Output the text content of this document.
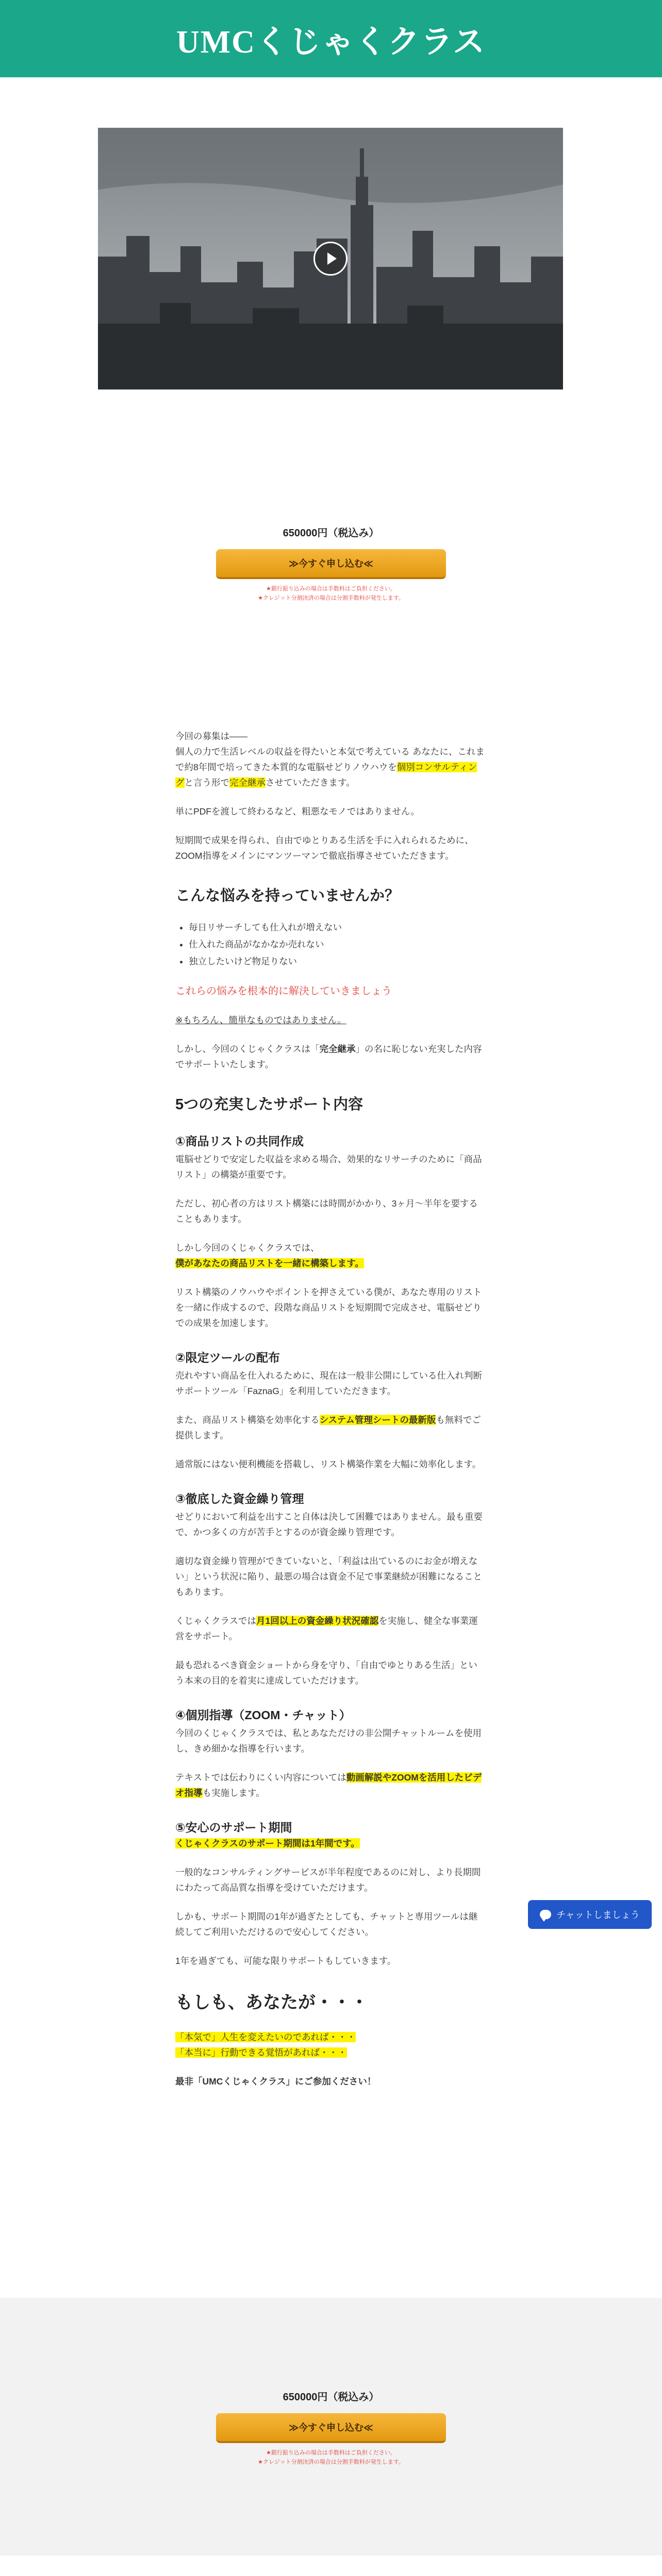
UMCくじゃくクラス
650000円（税込み）
≫今すぐ申し込む≪
★銀行振り込みの場合は手数料はご負担ください。
★クレジット分割決済の場合は分割手数料が発生します。

今回の募集は――

個人の力で生活レベルの収益を得たいと本気で考えている あなたに、これまで約8年間で培ってきた本質的な電脳せどりノウハウを個別コンサルティングと言う形で完全継承させていただきます。

単にPDFを渡して終わるなど、粗悪なモノではありません。

短期間で成果を得られ、自由でゆとりある生活を手に入れられるために、ZOOM指導をメインにマンツーマンで徹底指導させていただきます。

こんな悩みを持っていませんか？
• 毎日リサーチしても仕入れが増えない
• 仕入れた商品がなかなか売れない
• 独立したいけど物足りない

これらの悩みを根本的に解決していきましょう

※もちろん、簡単なものではありません。

しかし、今回のくじゃくクラスは「完全継承」の名に恥じない充実した内容でサポートいたします。

5つの充実したサポート内容
①商品リストの共同作成

電脳せどりで安定した収益を求める場合、効果的なリサーチのために「商品リスト」の構築が重要です。

ただし、初心者の方はリスト構築には時間がかかり、3ヶ月〜半年を要することもあります。

しかし今回のくじゃくクラスでは、
僕があなたの商品リストを一緒に構築します。

リスト構築のノウハウやポイントを押さえている僕が、あなた専用のリストを一緒に作成するので、段階な商品リストを短期間で完成させ、電脳せどりでの成果を加速します。

②限定ツールの配布

売れやすい商品を仕入れるために、現在は一般非公開にしている仕入れ判断サポートツール「FaznaG」を利用していただきます。

また、商品リスト構築を効率化するシステム管理シートの最新版も無料でご提供します。

通常版にはない便利機能を搭載し、リスト構築作業を大幅に効率化します。

③徹底した資金繰り管理

せどりにおいて利益を出すこと自体は決して困難ではありません。最も重要で、かつ多くの方が苦手とするのが資金繰り管理です。

適切な資金繰り管理ができていないと、「利益は出ているのにお金が増えない」という状況に陥り、最悪の場合は資金不足で事業継続が困難になることもあります。

くじゃくクラスでは月1回以上の資金繰り状況確認を実施し、健全な事業運営をサポート。

最も恐れるべき資金ショートから身を守り、「自由でゆとりある生活」という本来の目的を着実に達成していただけます。

④個別指導（ZOOM・チャット）

今回のくじゃくクラスでは、私とあなただけの非公開チャットルームを使用し、きめ細かな指導を行います。

テキストでは伝わりにくい内容については動画解説やZOOMを活用したビデオ指導も実施します。

⑤安心のサポート期間

くじゃくクラスのサポート期間は1年間です。

一般的なコンサルティングサービスが半年程度であるのに対し、より長期間にわたって高品質な指導を受けていただけます。

しかも、サポート期間の1年が過ぎたとしても、チャットと専用ツールは継続してご利用いただけるので安心してください。

1年を過ぎても、可能な限りサポートもしていきます。

もしも、あなたが・・・

「本気で」人生を変えたいのであれば・・・
「本当に」行動できる覚悟があれば・・・

最非「UMCくじゃくクラス」にご参加ください！

650000円（税込み）
≫今すぐ申し込む≪
★銀行振り込みの場合は手数料はご負担ください。
★クレジット分割決済の場合は分割手数料が発生します。

チャットしましょう
